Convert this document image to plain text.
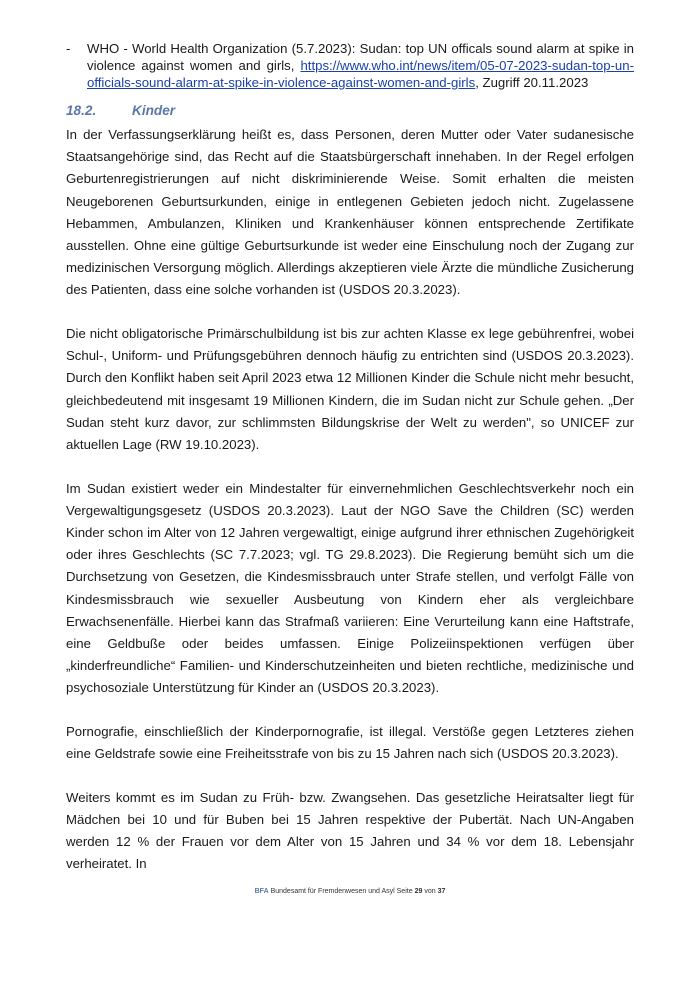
- WHO - World Health Organization (5.7.2023): Sudan: top UN officals sound alarm at spike in violence against women and girls, https://www.who.int/news/item/05-07-2023-sudan-top-un-officials-sound-alarm-at-spike-in-violence-against-women-and-girls, Zugriff 20.11.2023
18.2.	Kinder

In der Verfassungserklärung heißt es, dass Personen, deren Mutter oder Vater sudanesische Staatsangehörige sind, das Recht auf die Staatsbürgerschaft innehaben. In der Regel erfolgen Geburtenregistrierungen auf nicht diskriminierende Weise. Somit erhalten die meisten Neugeborenen Geburtsurkunden, einige in entlegenen Gebieten jedoch nicht. Zugelassene Hebammen, Ambulanzen, Kliniken und Krankenhäuser können entsprechende Zertifikate ausstellen. Ohne eine gültige Geburtsurkunde ist weder eine Einschulung noch der Zugang zur medizinischen Versorgung möglich. Allerdings akzeptieren viele Ärzte die mündliche Zusicherung des Patienten, dass eine solche vorhanden ist (USDOS 20.3.2023).

Die nicht obligatorische Primärschulbildung ist bis zur achten Klasse ex lege gebührenfrei, wobei Schul-, Uniform- und Prüfungsgebühren dennoch häufig zu entrichten sind (USDOS 20.3.2023). Durch den Konflikt haben seit April 2023 etwa 12 Millionen Kinder die Schule nicht mehr besucht, gleichbedeutend mit insgesamt 19 Millionen Kindern, die im Sudan nicht zur Schule gehen. „Der Sudan steht kurz davor, zur schlimmsten Bildungskrise der Welt zu werden", so UNICEF zur aktuellen Lage (RW 19.10.2023).

Im Sudan existiert weder ein Mindestalter für einvernehmlichen Geschlechtsverkehr noch ein Vergewaltigungsgesetz (USDOS 20.3.2023). Laut der NGO Save the Children (SC) werden Kinder schon im Alter von 12 Jahren vergewaltigt, einige aufgrund ihrer ethnischen Zugehörigkeit oder ihres Geschlechts (SC 7.7.2023; vgl. TG 29.8.2023). Die Regierung bemüht sich um die Durchsetzung von Gesetzen, die Kindesmissbrauch unter Strafe stellen, und verfolgt Fälle von Kindesmissbrauch wie sexueller Ausbeutung von Kindern eher als vergleichbare Erwachsenenfälle. Hierbei kann das Strafmaß variieren: Eine Verurteilung kann eine Haftstrafe, eine Geldbuße oder beides umfassen. Einige Polizeiinspektionen verfügen über „kinderfreundliche“ Familien- und Kinderschutzeinheiten und bieten rechtliche, medizinische und psychosoziale Unterstützung für Kinder an (USDOS 20.3.2023).

Pornografie, einschließlich der Kinderpornografie, ist illegal. Verstöße gegen Letzteres ziehen eine Geldstrafe sowie eine Freiheitsstrafe von bis zu 15 Jahren nach sich (USDOS 20.3.2023).

Weiters kommt es im Sudan zu Früh- bzw. Zwangsehen. Das gesetzliche Heiratsalter liegt für Mädchen bei 10 und für Buben bei 15 Jahren respektive der Pubertät. Nach UN-Angaben werden 12 % der Frauen vor dem Alter von 15 Jahren und 34 % vor dem 18. Lebensjahr verheiratet. In

BFA Bundesamt für Fremdenwesen und Asyl Seite 29 von 37
